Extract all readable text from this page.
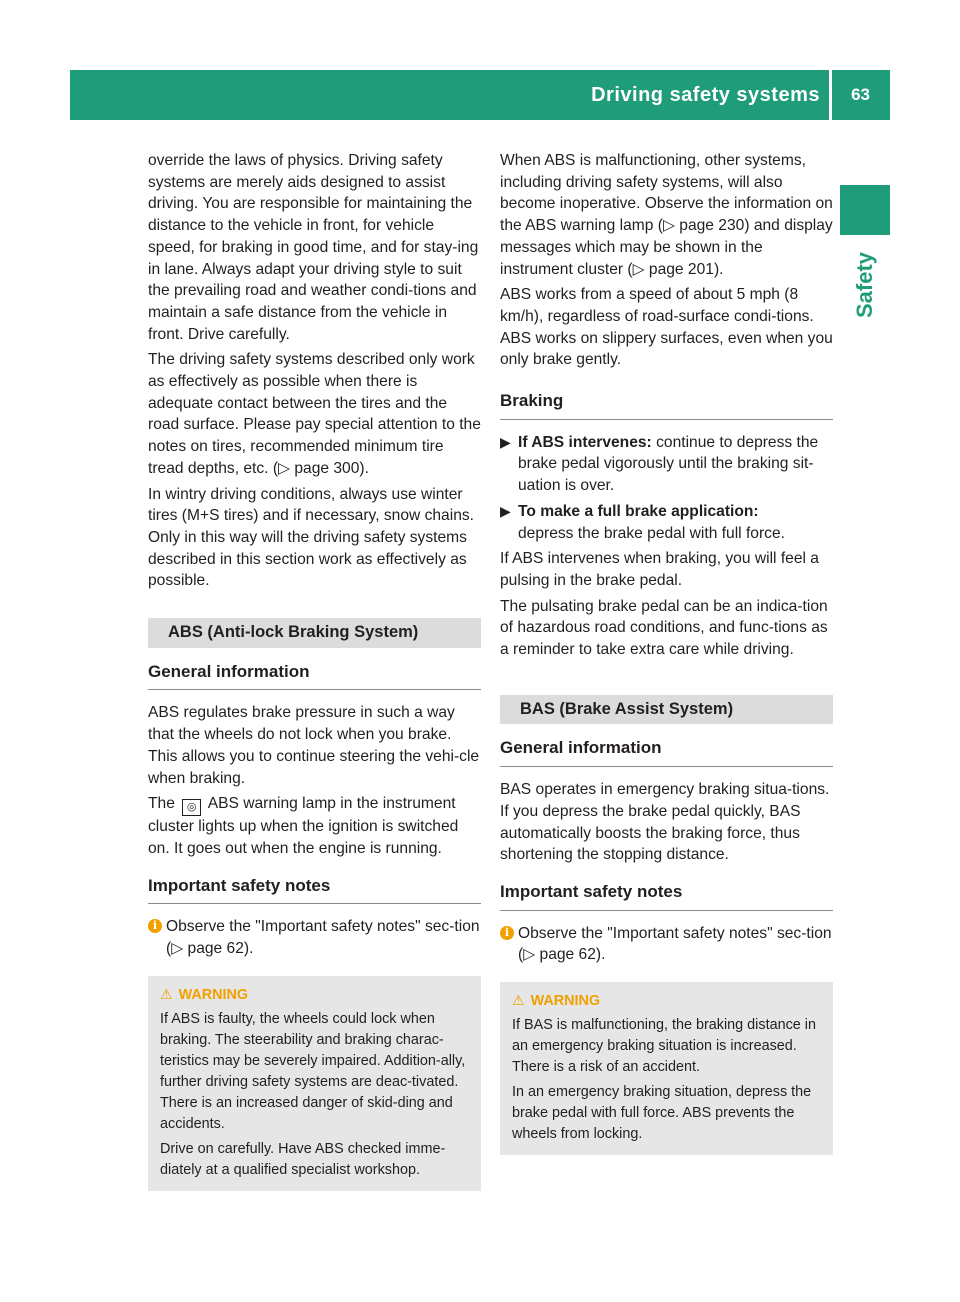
Driving safety systems 63
Safety

override the laws of physics. Driving safety systems are merely aids designed to assist driving. You are responsible for maintaining the distance to the vehicle in front, for vehicle speed, for braking in good time, and for stay-ing in lane. Always adapt your driving style to suit the prevailing road and weather condi-tions and maintain a safe distance from the vehicle in front. Drive carefully.

The driving safety systems described only work as effectively as possible when there is adequate contact between the tires and the road surface. Please pay special attention to the notes on tires, recommended minimum tire tread depths, etc. (▷ page 300).

In wintry driving conditions, always use winter tires (M+S tires) and if necessary, snow chains. Only in this way will the driving safety systems described in this section work as effectively as possible.

ABS (Anti-lock Braking System)
General information

ABS regulates brake pressure in such a way that the wheels do not lock when you brake. This allows you to continue steering the vehi-cle when braking.

The ◎ ABS warning lamp in the instrument cluster lights up when the ignition is switched on. It goes out when the engine is running.

Important safety notes
i Observe the "Important safety notes" sec-tion (▷ page 62).
⚠ WARNING

If ABS is faulty, the wheels could lock when braking. The steerability and braking charac-teristics may be severely impaired. Addition-ally, further driving safety systems are deac-tivated. There is an increased danger of skid-ding and accidents.

Drive on carefully. Have ABS checked imme-diately at a qualified specialist workshop.

When ABS is malfunctioning, other systems, including driving safety systems, will also become inoperative. Observe the information on the ABS warning lamp (▷ page 230) and display messages which may be shown in the instrument cluster (▷ page 201).

ABS works from a speed of about 5 mph (8 km/h), regardless of road-surface condi-tions. ABS works on slippery surfaces, even when you only brake gently.

Braking
▶ If ABS intervenes: continue to depress the brake pedal vigorously until the braking sit-uation is over.
▶ To make a full brake application:
depress the brake pedal with full force.

If ABS intervenes when braking, you will feel a pulsing in the brake pedal.

The pulsating brake pedal can be an indica-tion of hazardous road conditions, and func-tions as a reminder to take extra care while driving.

BAS (Brake Assist System)
General information

BAS operates in emergency braking situa-tions. If you depress the brake pedal quickly, BAS automatically boosts the braking force, thus shortening the stopping distance.

Important safety notes
i Observe the "Important safety notes" sec-tion (▷ page 62).
⚠ WARNING

If BAS is malfunctioning, the braking distance in an emergency braking situation is increased. There is a risk of an accident.

In an emergency braking situation, depress the brake pedal with full force. ABS prevents the wheels from locking.
